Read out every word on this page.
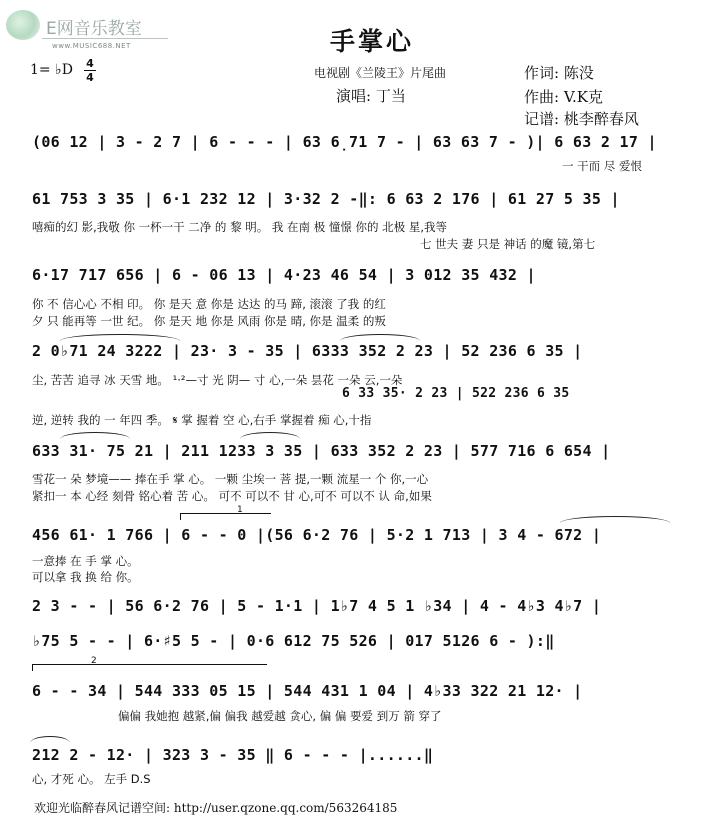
E网音乐教室
www.MUSIC688.NET	手掌心
1= ♭D 4
4	电视剧《兰陵王》片尾曲
演唱: 丁当
作词: 陈没
作曲: V.K克
记谱: 桃李醉春风
(06 12 | 3 - 2 7 | 6 - - - | 63 6̣71 7 - | 63 63 7 - )| 6 63 2 17 |
一 干而 尽 爱恨
61 753 3 35 | 6·1 232 12 | 3·32 2 -‖: 6 63 2 176 | 61 27 5 35 |
嘻痴的幻 影,我敬 你 一杯一干 二净 的 黎 明。 我 在南 极 憧憬 你的 北极 星,我等
七 世夫 妻 只是 神话 的魔 镜,第七
6·17 717 656 | 6 - 06 13 | 4·23 46 54 | 3 012 35 432 |
你 不 信心心 不相 印。 你 是天 意 你是 达达 的马 蹄, 滚滚 了我 的红
夕 只 能再等 一世 纪。 你 是天 地 你是 风雨 你是 晴, 你是 温柔 的叛
2 0♭71 24 3222 | 23· 3 - 35 | 6333 352 2 23 | 52 236 6 35 |
尘, 苦苦 追寻 冰 天雪 地。 ¹·²—寸 光 阴— 寸 心,一朵 昙花 一朵 云,一朵
6 33 35· 2 23 | 522 236 6 35
逆, 逆转 我的 一 年四 季。 𝄋 掌 握着 空 心,右手 掌握着 痴 心,十指
633 31· 75 21 | 211 1233 3 35 | 633 352 2 23 | 577 716 6 654 |
雪花一 朵 梦境—— 捧在手 掌 心。 一颗 尘埃一 菩 提,一颗 流星一 个 你,一心
紧扣一 本 心经 刻骨 铭心着 苦 心。 可不 可以不 甘 心,可不 可以不 认 命,如果
1
456 61· 1 766 | 6 - - 0 |(56 6·2 76 | 5·2 1 713 | 3 4 - 672 |
一意捧 在 手 掌 心。
可以拿 我 换 给 你。
2 3 - - | 56 6·2 76 | 5 - 1·1 | 1♭7 4 5 1 ♭34 | 4 - 4♭3 4♭7 |
♭75 5 - - | 6·♯5 5 - | 0·6 612 75 526 | 017 5126 6 - ):‖
2
6 - - 34 | 544 333 05 15 | 544 431 1 04 | 4♭33 322 21 12· |
偏偏 我她抱 越紧,偏 偏我 越爱越 贪心, 偏 偏 要爱 到万 箭 穿了
212 2 - 12· | 323 3 - 35 ‖ 6 - - - |......‖
心, 才死 心。 左手 D.S
欢迎光临醉春风记谱空间: http://user.qzone.qq.com/563264185
